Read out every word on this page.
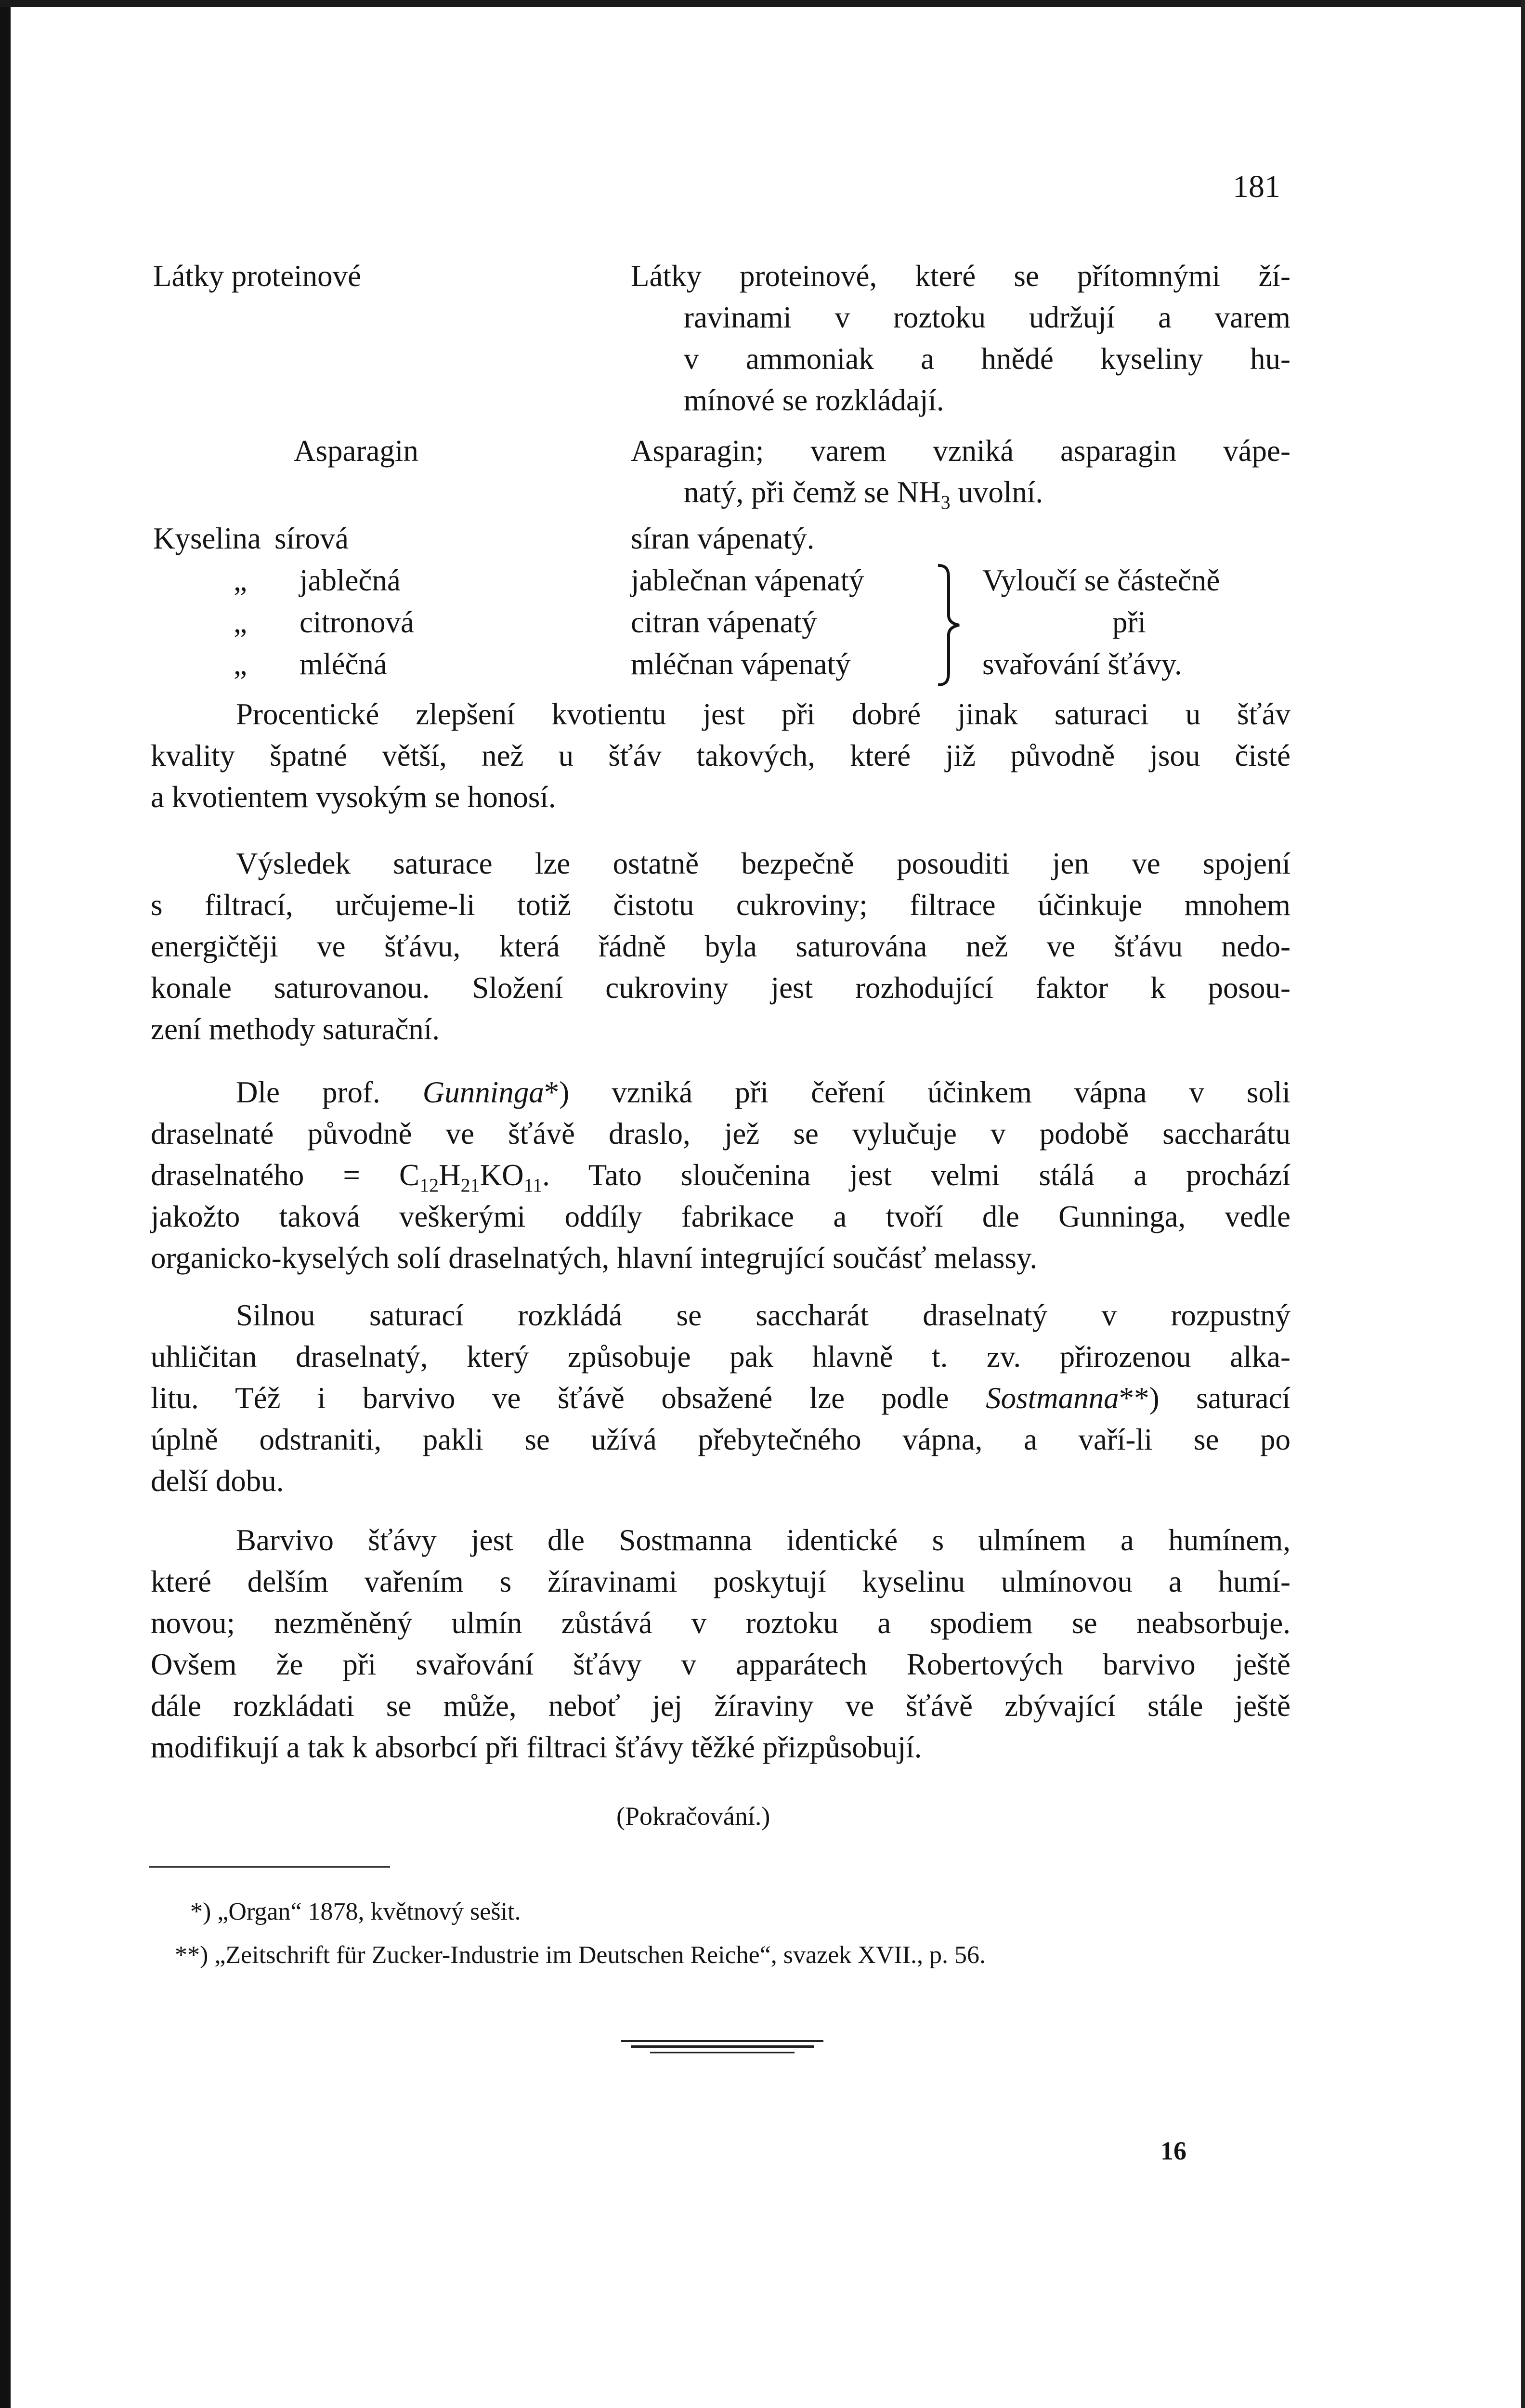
181
Látky proteinové	Látky proteinové, které se přítomnými ží-
ravinami v roztoku udržují a varem
v ammoniak a hnědé kyseliny hu-
mínové se rozkládají.
Asparagin	Asparagin; varem vzniká asparagin vápe-
natý, při čemž se $NH_3$ uvolní.
Kyselina sírová	síran vápenatý.
„ jablečná	jablečnan vápenatý
„ citronová	citran vápenatý
„ mléčná	mléčnan vápenatý
Vyloučí se částečně
při
svařování šťávy.
Procentické zlepšení kvotientu jest při dobré jinak saturaci u šťáv
kvality špatné větší, než u šťáv takových, které již původně jsou čisté
a kvotientem vysokým se honosí.
Výsledek saturace lze ostatně bezpečně posouditi jen ve spojení
s filtrací, určujeme-li totiž čistotu cukroviny; filtrace účinkuje mnohem
energičtěji ve šťávu, která řádně byla saturována než ve šťávu nedo-
konale saturovanou. Složení cukroviny jest rozhodující faktor k posou-
zení methody saturační.
Dle prof. Gunninga*) vzniká při čeření účinkem vápna v soli
draselnaté původně ve šťávě draslo, jež se vylučuje v podobě saccharátu
draselnatého = $C_{12}H_{21}KO_{11}$. Tato sloučenina jest velmi stálá a prochází
jakožto taková veškerými oddíly fabrikace a tvoří dle Gunninga, vedle
organicko-kyselých solí draselnatých, hlavní integrující součásť melassy.
Silnou saturací rozkládá se saccharát draselnatý v rozpustný
uhličitan draselnatý, který způsobuje pak hlavně t. zv. přirozenou alka-
litu. Též i barvivo ve šťávě obsažené lze podle Sostmanna**) saturací
úplně odstraniti, pakli se užívá přebytečného vápna, a vaří-li se po
delší dobu.
Barvivo šťávy jest dle Sostmanna identické s ulmínem a humínem,
které delším vařením s žíravinami poskytují kyselinu ulmínovou a humí-
novou; nezměněný ulmín zůstává v roztoku a spodiem se neabsorbuje.
Ovšem že při svařování šťávy v apparátech Robertových barvivo ještě
dále rozkládati se může, neboť jej žíraviny ve šťávě zbývající stále ještě
modifikují a tak k absorbcí při filtraci šťávy těžké přizpůsobují.
(Pokračování.)
*) „Organ“ 1878, květnový sešit.
**) „Zeitschrift für Zucker-Industrie im Deutschen Reiche“, svazek XVII., p. 56.
16
